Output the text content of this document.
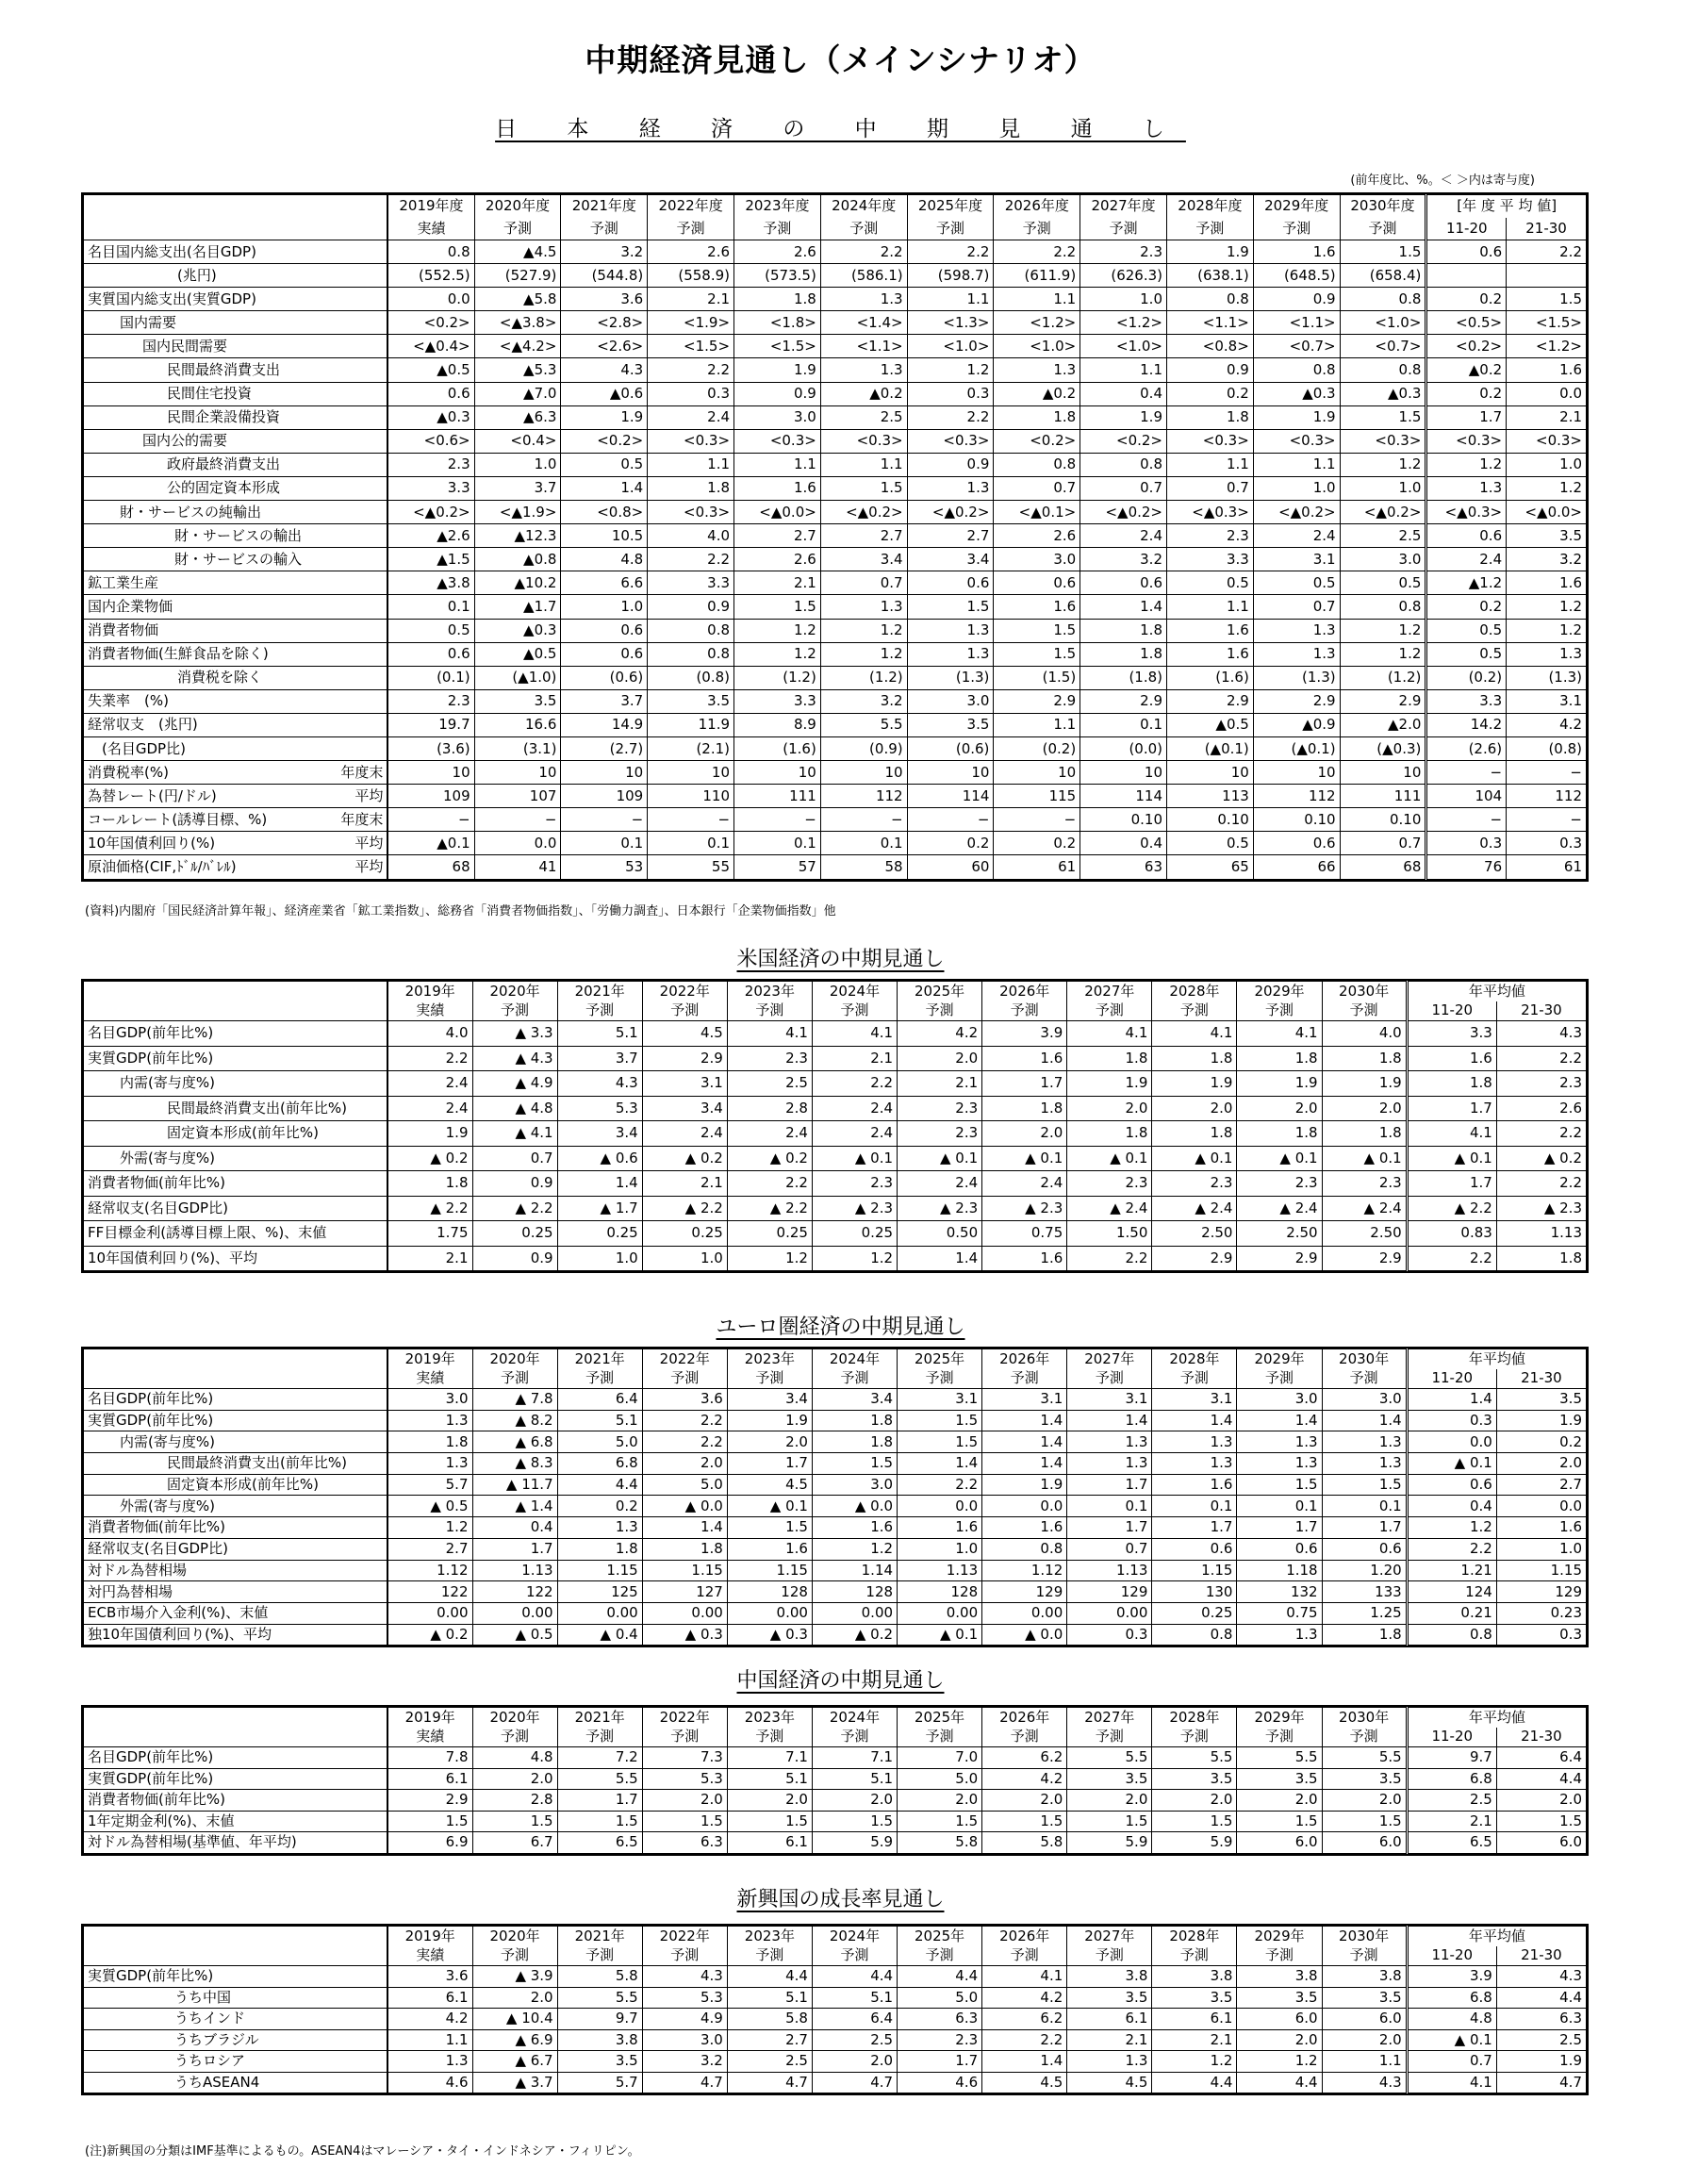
中期経済見通し（メインシナリオ）
日 本 経 済 の 中 期 見 通 し
(前年度比、%。＜ ＞内は寄与度)
	2019年度	2020年度	2021年度	2022年度	2023年度	2024年度	2025年度	2026年度	2027年度	2028年度	2029年度	2030年度	[年 度 平 均 値]	
	実績	予測	予測	予測	予測	予測	予測	予測	予測	予測	予測	予測	11-20	21-30
名目国内総支出(名目GDP)	0.8	▲4.5	3.2	2.6	2.6	2.2	2.2	2.2	2.3	1.9	1.6	1.5	0.6	2.2

(兆円)	(552.5)	(527.9)	(544.8)	(558.9)	(573.5)	(586.1)	(598.7)	(611.9)	(626.3)	(638.1)	(648.5)	(658.4)		
実質国内総支出(実質GDP)	0.0	▲5.8	3.6	2.1	1.8	1.3	1.1	1.1	1.0	0.8	0.9	0.8	0.2	1.5
国内需要	<0.2>	<▲3.8>	<2.8>	<1.9>	<1.8>	<1.4>	<1.3>	<1.2>	<1.2>	<1.1>	<1.1>	<1.0>	<0.5>	<1.5>
国内民間需要	<▲0.4>	<▲4.2>	<2.6>	<1.5>	<1.5>	<1.1>	<1.0>	<1.0>	<1.0>	<0.8>	<0.7>	<0.7>	<0.2>	<1.2>
民間最終消費支出	▲0.5	▲5.3	4.3	2.2	1.9	1.3	1.2	1.3	1.1	0.9	0.8	0.8	▲0.2	1.6
民間住宅投資	0.6	▲7.0	▲0.6	0.3	0.9	▲0.2	0.3	▲0.2	0.4	0.2	▲0.3	▲0.3	0.2	0.0
民間企業設備投資	▲0.3	▲6.3	1.9	2.4	3.0	2.5	2.2	1.8	1.9	1.8	1.9	1.5	1.7	2.1
国内公的需要	<0.6>	<0.4>	<0.2>	<0.3>	<0.3>	<0.3>	<0.3>	<0.2>	<0.2>	<0.3>	<0.3>	<0.3>	<0.3>	<0.3>
政府最終消費支出	2.3	1.0	0.5	1.1	1.1	1.1	0.9	0.8	0.8	1.1	1.1	1.2	1.2	1.0
公的固定資本形成	3.3	3.7	1.4	1.8	1.6	1.5	1.3	0.7	0.7	0.7	1.0	1.0	1.3	1.2
財・サービスの純輸出	<▲0.2>	<▲1.9>	<0.8>	<0.3>	<▲0.0>	<▲0.2>	<▲0.2>	<▲0.1>	<▲0.2>	<▲0.3>	<▲0.2>	<▲0.2>	<▲0.3>	<▲0.0>
財・サービスの輸出	▲2.6	▲12.3	10.5	4.0	2.7	2.7	2.7	2.6	2.4	2.3	2.4	2.5	0.6	3.5
財・サービスの輸入	▲1.5	▲0.8	4.8	2.2	2.6	3.4	3.4	3.0	3.2	3.3	3.1	3.0	2.4	3.2
鉱工業生産	▲3.8	▲10.2	6.6	3.3	2.1	0.7	0.6	0.6	0.6	0.5	0.5	0.5	▲1.2	1.6
国内企業物価	0.1	▲1.7	1.0	0.9	1.5	1.3	1.5	1.6	1.4	1.1	0.7	0.8	0.2	1.2
消費者物価	0.5	▲0.3	0.6	0.8	1.2	1.2	1.3	1.5	1.8	1.6	1.3	1.2	0.5	1.2
消費者物価(生鮮食品を除く)	0.6	▲0.5	0.6	0.8	1.2	1.2	1.3	1.5	1.8	1.6	1.3	1.2	0.5	1.3

消費税を除く	(0.1)	(▲1.0)	(0.6)	(0.8)	(1.2)	(1.2)	(1.3)	(1.5)	(1.8)	(1.6)	(1.3)	(1.2)	(0.2)	(1.3)
失業率　(%)	2.3	3.5	3.7	3.5	3.3	3.2	3.0	2.9	2.9	2.9	2.9	2.9	3.3	3.1
経常収支　(兆円)	19.7	16.6	14.9	11.9	8.9	5.5	3.5	1.1	0.1	▲0.5	▲0.9	▲2.0	14.2	4.2
　(名目GDP比)	(3.6)	(3.1)	(2.7)	(2.1)	(1.6)	(0.9)	(0.6)	(0.2)	(0.0)	(▲0.1)	(▲0.1)	(▲0.3)	(2.6)	(0.8)

消費税率(%) 年度末	10	10	10	10	10	10	10	10	10	10	10	10	−	−

為替レート(円/ドル) 平均	109	107	109	110	111	112	114	115	114	113	112	111	104	112

コールレート(誘導目標、%) 年度末	−	−	−	−	−	−	−	−	0.10	0.10	0.10	0.10	−	−

10年国債利回り(%) 平均	▲0.1	0.0	0.1	0.1	0.1	0.1	0.2	0.2	0.4	0.5	0.6	0.7	0.3	0.3

原油価格(CIF,ﾄﾞﾙ/ﾊﾞﾚﾙ) 平均	68	41	53	55	57	58	60	61	63	65	66	68	76	61
(資料)内閣府「国民経済計算年報」、経済産業省「鉱工業指数」、総務省「消費者物価指数」、「労働力調査」、日本銀行「企業物価指数」他
米国経済の中期見通し
	2019年	2020年	2021年	2022年	2023年	2024年	2025年	2026年	2027年	2028年	2029年	2030年	年平均値	
	実績	予測	予測	予測	予測	予測	予測	予測	予測	予測	予測	予測	11-20	21-30
名目GDP(前年比%)	4.0	▲ 3.3	5.1	4.5	4.1	4.1	4.2	3.9	4.1	4.1	4.1	4.0	3.3	4.3
実質GDP(前年比%)	2.2	▲ 4.3	3.7	2.9	2.3	2.1	2.0	1.6	1.8	1.8	1.8	1.8	1.6	2.2
内需(寄与度%)	2.4	▲ 4.9	4.3	3.1	2.5	2.2	2.1	1.7	1.9	1.9	1.9	1.9	1.8	2.3
民間最終消費支出(前年比%)	2.4	▲ 4.8	5.3	3.4	2.8	2.4	2.3	1.8	2.0	2.0	2.0	2.0	1.7	2.6
固定資本形成(前年比%)	1.9	▲ 4.1	3.4	2.4	2.4	2.4	2.3	2.0	1.8	1.8	1.8	1.8	4.1	2.2
外需(寄与度%)	▲ 0.2	0.7	▲ 0.6	▲ 0.2	▲ 0.2	▲ 0.1	▲ 0.1	▲ 0.1	▲ 0.1	▲ 0.1	▲ 0.1	▲ 0.1	▲ 0.1	▲ 0.2
消費者物価(前年比%)	1.8	0.9	1.4	2.1	2.2	2.3	2.4	2.4	2.3	2.3	2.3	2.3	1.7	2.2
経常収支(名目GDP比)	▲ 2.2	▲ 2.2	▲ 1.7	▲ 2.2	▲ 2.2	▲ 2.3	▲ 2.3	▲ 2.3	▲ 2.4	▲ 2.4	▲ 2.4	▲ 2.4	▲ 2.2	▲ 2.3
FF目標金利(誘導目標上限、%)、末値	1.75	0.25	0.25	0.25	0.25	0.25	0.50	0.75	1.50	2.50	2.50	2.50	0.83	1.13
10年国債利回り(%)、平均	2.1	0.9	1.0	1.0	1.2	1.2	1.4	1.6	2.2	2.9	2.9	2.9	2.2	1.8
ユーロ圏経済の中期見通し
	2019年	2020年	2021年	2022年	2023年	2024年	2025年	2026年	2027年	2028年	2029年	2030年	年平均値	
	実績	予測	予測	予測	予測	予測	予測	予測	予測	予測	予測	予測	11-20	21-30
名目GDP(前年比%)	3.0	▲ 7.8	6.4	3.6	3.4	3.4	3.1	3.1	3.1	3.1	3.0	3.0	1.4	3.5
実質GDP(前年比%)	1.3	▲ 8.2	5.1	2.2	1.9	1.8	1.5	1.4	1.4	1.4	1.4	1.4	0.3	1.9
内需(寄与度%)	1.8	▲ 6.8	5.0	2.2	2.0	1.8	1.5	1.4	1.3	1.3	1.3	1.3	0.0	0.2
民間最終消費支出(前年比%)	1.3	▲ 8.3	6.8	2.0	1.7	1.5	1.4	1.4	1.3	1.3	1.3	1.3	▲ 0.1	2.0
固定資本形成(前年比%)	5.7	▲ 11.7	4.4	5.0	4.5	3.0	2.2	1.9	1.7	1.6	1.5	1.5	0.6	2.7
外需(寄与度%)	▲ 0.5	▲ 1.4	0.2	▲ 0.0	▲ 0.1	▲ 0.0	0.0	0.0	0.1	0.1	0.1	0.1	0.4	0.0
消費者物価(前年比%)	1.2	0.4	1.3	1.4	1.5	1.6	1.6	1.6	1.7	1.7	1.7	1.7	1.2	1.6
経常収支(名目GDP比)	2.7	1.7	1.8	1.8	1.6	1.2	1.0	0.8	0.7	0.6	0.6	0.6	2.2	1.0
対ドル為替相場	1.12	1.13	1.15	1.15	1.15	1.14	1.13	1.12	1.13	1.15	1.18	1.20	1.21	1.15
対円為替相場	122	122	125	127	128	128	128	129	129	130	132	133	124	129
ECB市場介入金利(%)、末値	0.00	0.00	0.00	0.00	0.00	0.00	0.00	0.00	0.00	0.25	0.75	1.25	0.21	0.23
独10年国債利回り(%)、平均	▲ 0.2	▲ 0.5	▲ 0.4	▲ 0.3	▲ 0.3	▲ 0.2	▲ 0.1	▲ 0.0	0.3	0.8	1.3	1.8	0.8	0.3
中国経済の中期見通し
	2019年	2020年	2021年	2022年	2023年	2024年	2025年	2026年	2027年	2028年	2029年	2030年	年平均値	
	実績	予測	予測	予測	予測	予測	予測	予測	予測	予測	予測	予測	11-20	21-30
名目GDP(前年比%)	7.8	4.8	7.2	7.3	7.1	7.1	7.0	6.2	5.5	5.5	5.5	5.5	9.7	6.4
実質GDP(前年比%)	6.1	2.0	5.5	5.3	5.1	5.1	5.0	4.2	3.5	3.5	3.5	3.5	6.8	4.4
消費者物価(前年比%)	2.9	2.8	1.7	2.0	2.0	2.0	2.0	2.0	2.0	2.0	2.0	2.0	2.5	2.0
1年定期金利(%)、末値	1.5	1.5	1.5	1.5	1.5	1.5	1.5	1.5	1.5	1.5	1.5	1.5	2.1	1.5
対ドル為替相場(基準値、年平均)	6.9	6.7	6.5	6.3	6.1	5.9	5.8	5.8	5.9	5.9	6.0	6.0	6.5	6.0
新興国の成長率見通し
	2019年	2020年	2021年	2022年	2023年	2024年	2025年	2026年	2027年	2028年	2029年	2030年	年平均値	
	実績	予測	予測	予測	予測	予測	予測	予測	予測	予測	予測	予測	11-20	21-30
実質GDP(前年比%)	3.6	▲ 3.9	5.8	4.3	4.4	4.4	4.4	4.1	3.8	3.8	3.8	3.8	3.9	4.3
うち中国	6.1	2.0	5.5	5.3	5.1	5.1	5.0	4.2	3.5	3.5	3.5	3.5	6.8	4.4
うちインド	4.2	▲ 10.4	9.7	4.9	5.8	6.4	6.3	6.2	6.1	6.1	6.0	6.0	4.8	6.3
うちブラジル	1.1	▲ 6.9	3.8	3.0	2.7	2.5	2.3	2.2	2.1	2.1	2.0	2.0	▲ 0.1	2.5
うちロシア	1.3	▲ 6.7	3.5	3.2	2.5	2.0	1.7	1.4	1.3	1.2	1.2	1.1	0.7	1.9
うちASEAN4	4.6	▲ 3.7	5.7	4.7	4.7	4.7	4.6	4.5	4.5	4.4	4.4	4.3	4.1	4.7
(注)新興国の分類はIMF基準によるもの。ASEAN4はマレーシア・タイ・インドネシア・フィリピン。
